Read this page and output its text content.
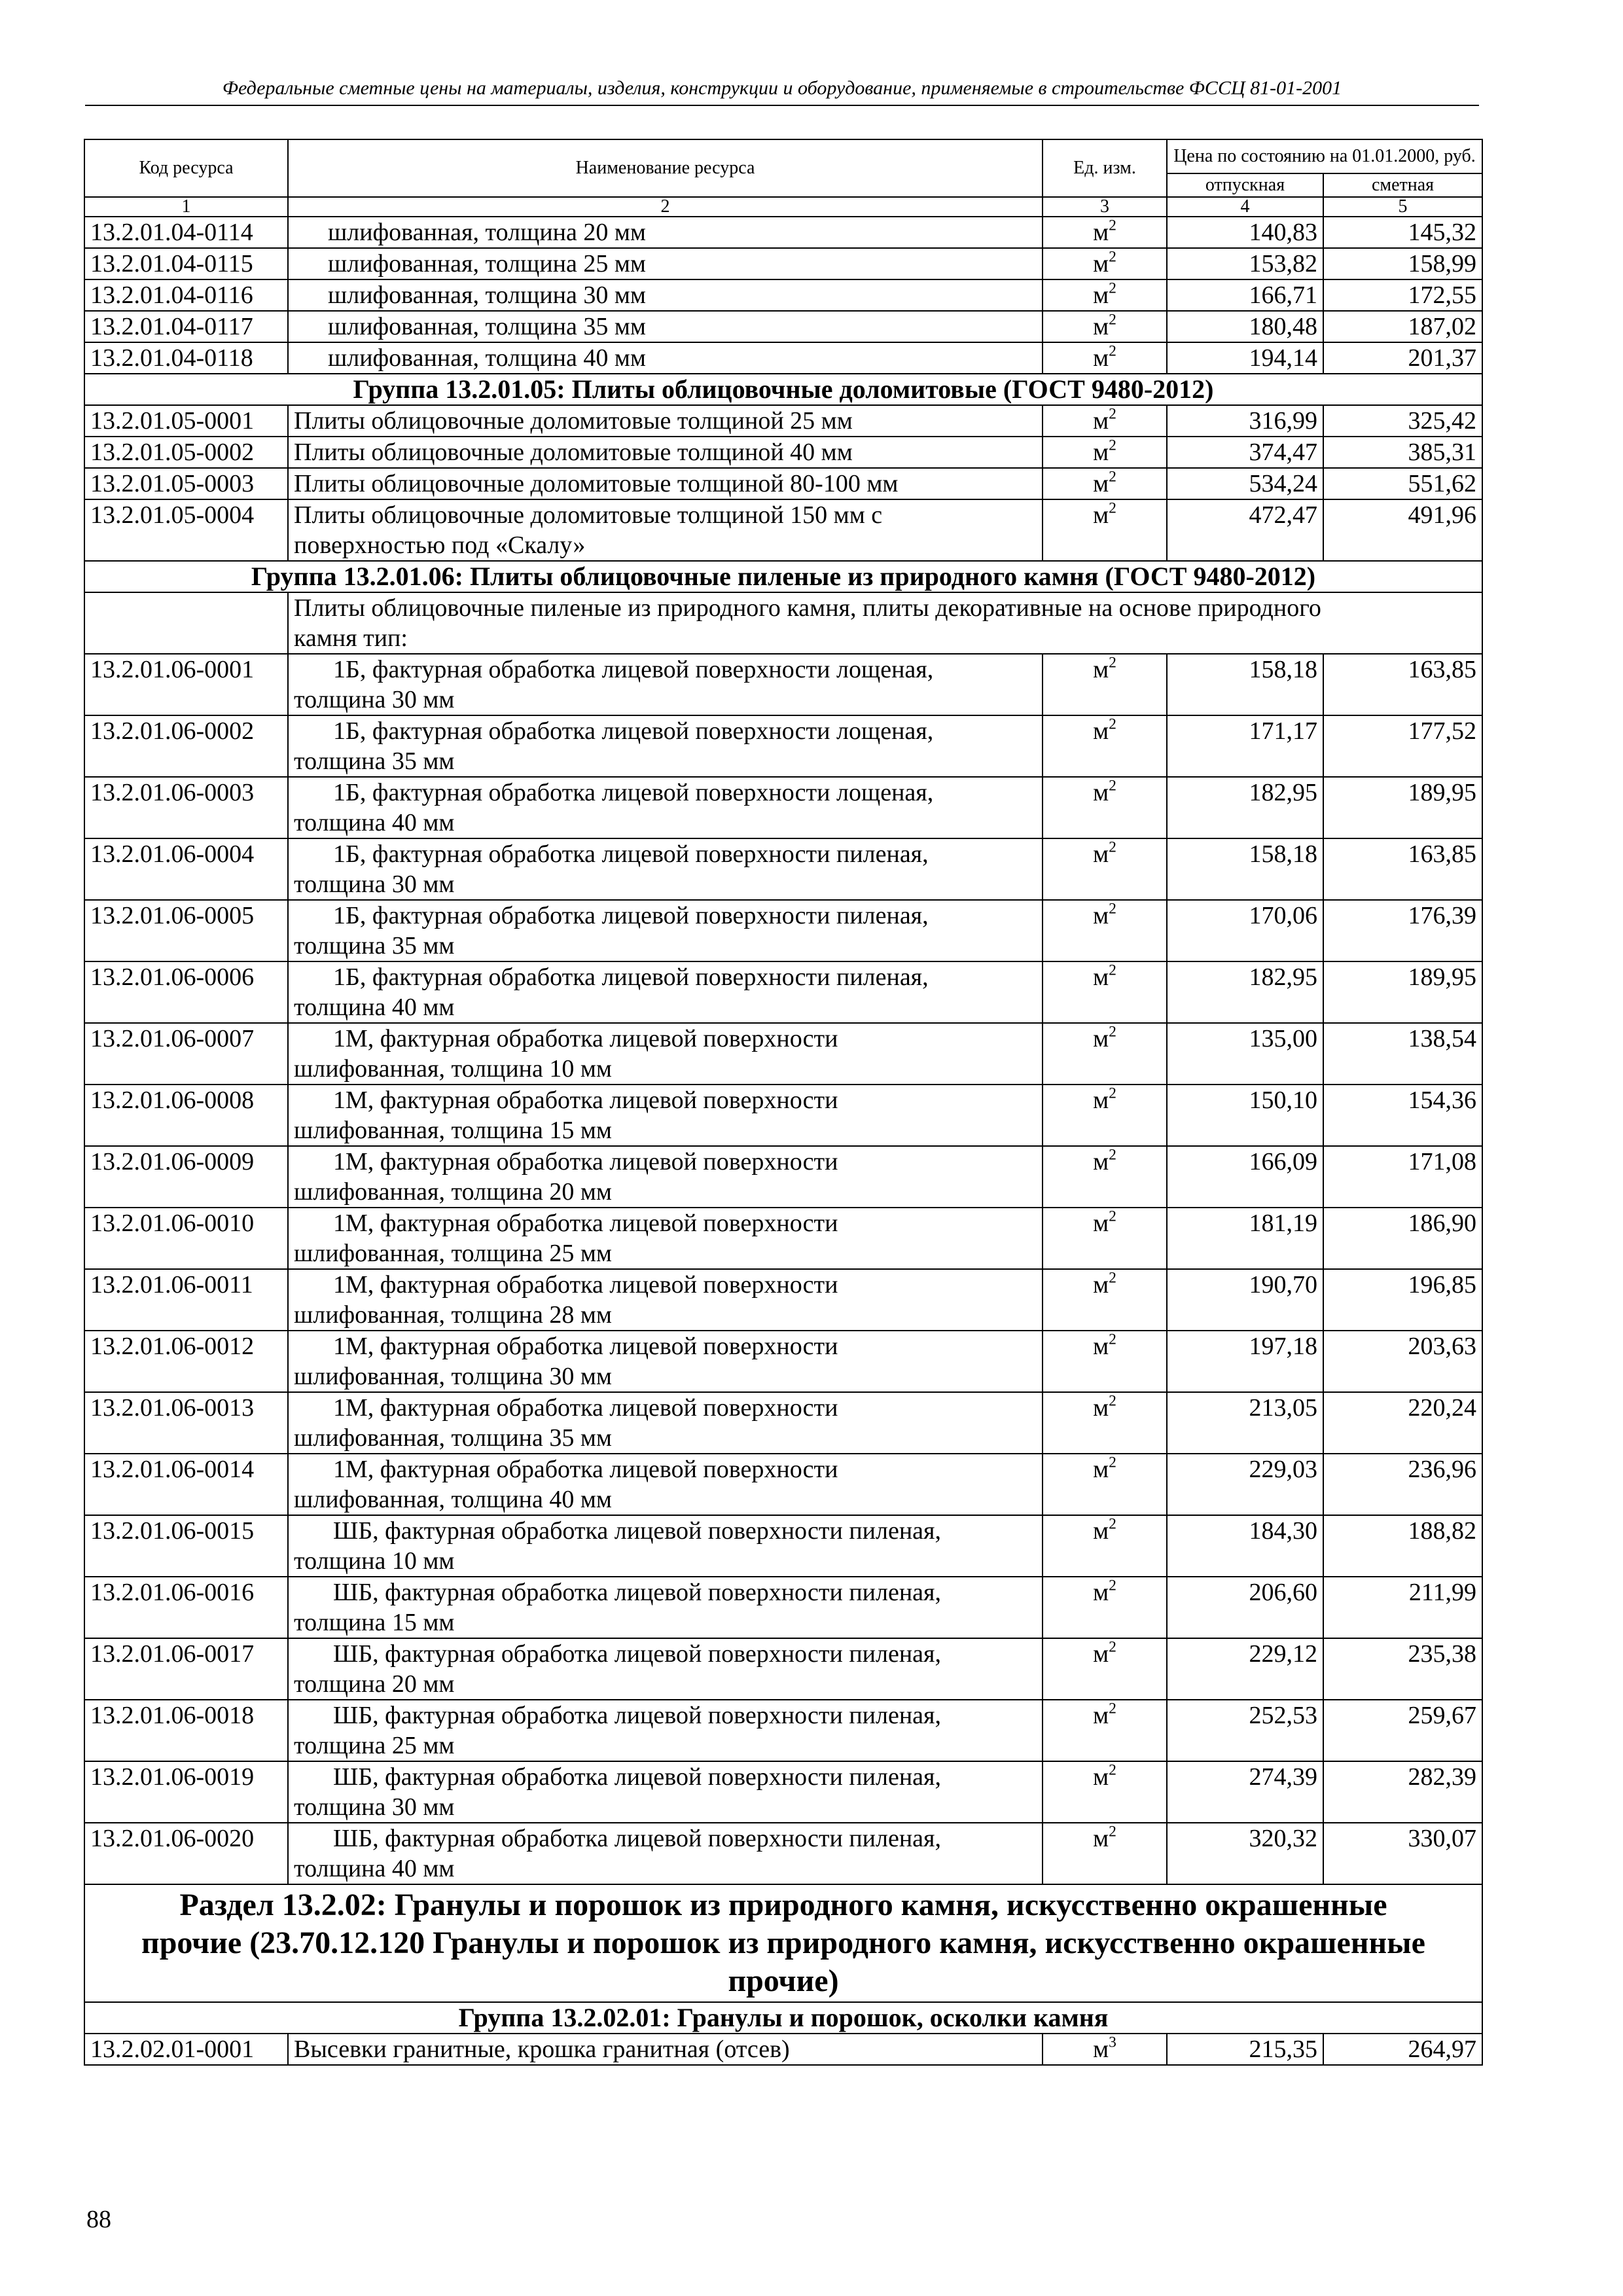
Федеральные сметные цены на материалы, изделия, конструкции и оборудование, применяемые в строительстве ФССЦ 81-01-2001
Код ресурса	Наименование ресурса	Ед. изм.	Цена по состоянию на 01.01.2000, руб.	
			отпускная	сметная
1	2	3	4	5
13.2.01.04-0114	шлифованная, толщина 20 мм	$м^2$	140,83	145,32
13.2.01.04-0115	шлифованная, толщина 25 мм	$м^2$	153,82	158,99
13.2.01.04-0116	шлифованная, толщина 30 мм	$м^2$	166,71	172,55
13.2.01.04-0117	шлифованная, толщина 35 мм	$м^2$	180,48	187,02
13.2.01.04-0118	шлифованная, толщина 40 мм	$м^2$	194,14	201,37
Группа 13.2.01.05: Плиты облицовочные доломитовые (ГОСТ 9480-2012)				
13.2.01.05-0001	Плиты облицовочные доломитовые толщиной 25 мм	$м^2$	316,99	325,42
13.2.01.05-0002	Плиты облицовочные доломитовые толщиной 40 мм	$м^2$	374,47	385,31
13.2.01.05-0003	Плиты облицовочные доломитовые толщиной 80-100 мм	$м^2$	534,24	551,62
13.2.01.05-0004	Плиты облицовочные доломитовые толщиной 150 мм с
поверхностью под «Скалу»	$м^2$	472,47	491,96
Группа 13.2.01.06: Плиты облицовочные пиленые из природного камня (ГОСТ 9480-2012)				

	Плиты облицовочные пиленые из природного камня, плиты декоративные на основе природного
камня тип:			

13.2.01.06-0001	1Б, фактурная обработка лицевой поверхности лощеная,
толщина 30 мм	$м^2$	158,18	163,85
13.2.01.06-0002	1Б, фактурная обработка лицевой поверхности лощеная,
толщина 35 мм	$м^2$	171,17	177,52
13.2.01.06-0003	1Б, фактурная обработка лицевой поверхности лощеная,
толщина 40 мм	$м^2$	182,95	189,95
13.2.01.06-0004	1Б, фактурная обработка лицевой поверхности пиленая,
толщина 30 мм	$м^2$	158,18	163,85
13.2.01.06-0005	1Б, фактурная обработка лицевой поверхности пиленая,
толщина 35 мм	$м^2$	170,06	176,39
13.2.01.06-0006	1Б, фактурная обработка лицевой поверхности пиленая,
толщина 40 мм	$м^2$	182,95	189,95
13.2.01.06-0007	1М, фактурная обработка лицевой поверхности
шлифованная, толщина 10 мм	$м^2$	135,00	138,54
13.2.01.06-0008	1М, фактурная обработка лицевой поверхности
шлифованная, толщина 15 мм	$м^2$	150,10	154,36
13.2.01.06-0009	1М, фактурная обработка лицевой поверхности
шлифованная, толщина 20 мм	$м^2$	166,09	171,08
13.2.01.06-0010	1М, фактурная обработка лицевой поверхности
шлифованная, толщина 25 мм	$м^2$	181,19	186,90
13.2.01.06-0011	1М, фактурная обработка лицевой поверхности
шлифованная, толщина 28 мм	$м^2$	190,70	196,85
13.2.01.06-0012	1М, фактурная обработка лицевой поверхности
шлифованная, толщина 30 мм	$м^2$	197,18	203,63
13.2.01.06-0013	1М, фактурная обработка лицевой поверхности
шлифованная, толщина 35 мм	$м^2$	213,05	220,24
13.2.01.06-0014	1М, фактурная обработка лицевой поверхности
шлифованная, толщина 40 мм	$м^2$	229,03	236,96
13.2.01.06-0015	ШБ, фактурная обработка лицевой поверхности пиленая,
толщина 10 мм	$м^2$	184,30	188,82
13.2.01.06-0016	ШБ, фактурная обработка лицевой поверхности пиленая,
толщина 15 мм	$м^2$	206,60	211,99
13.2.01.06-0017	ШБ, фактурная обработка лицевой поверхности пиленая,
толщина 20 мм	$м^2$	229,12	235,38
13.2.01.06-0018	ШБ, фактурная обработка лицевой поверхности пиленая,
толщина 25 мм	$м^2$	252,53	259,67
13.2.01.06-0019	ШБ, фактурная обработка лицевой поверхности пиленая,
толщина 30 мм	$м^2$	274,39	282,39
13.2.01.06-0020	ШБ, фактурная обработка лицевой поверхности пиленая,
толщина 40 мм	$м^2$	320,32	330,07

Раздел 13.2.02: Гранулы и порошок из природного камня, искусственно окрашенные
прочие (23.70.12.120 Гранулы и порошок из природного камня, искусственно окрашенные
прочие)				

Группа 13.2.02.01: Гранулы и порошок, осколки камня				
13.2.02.01-0001	Высевки гранитные, крошка гранитная (отсев)	$м^3$	215,35	264,97
88
